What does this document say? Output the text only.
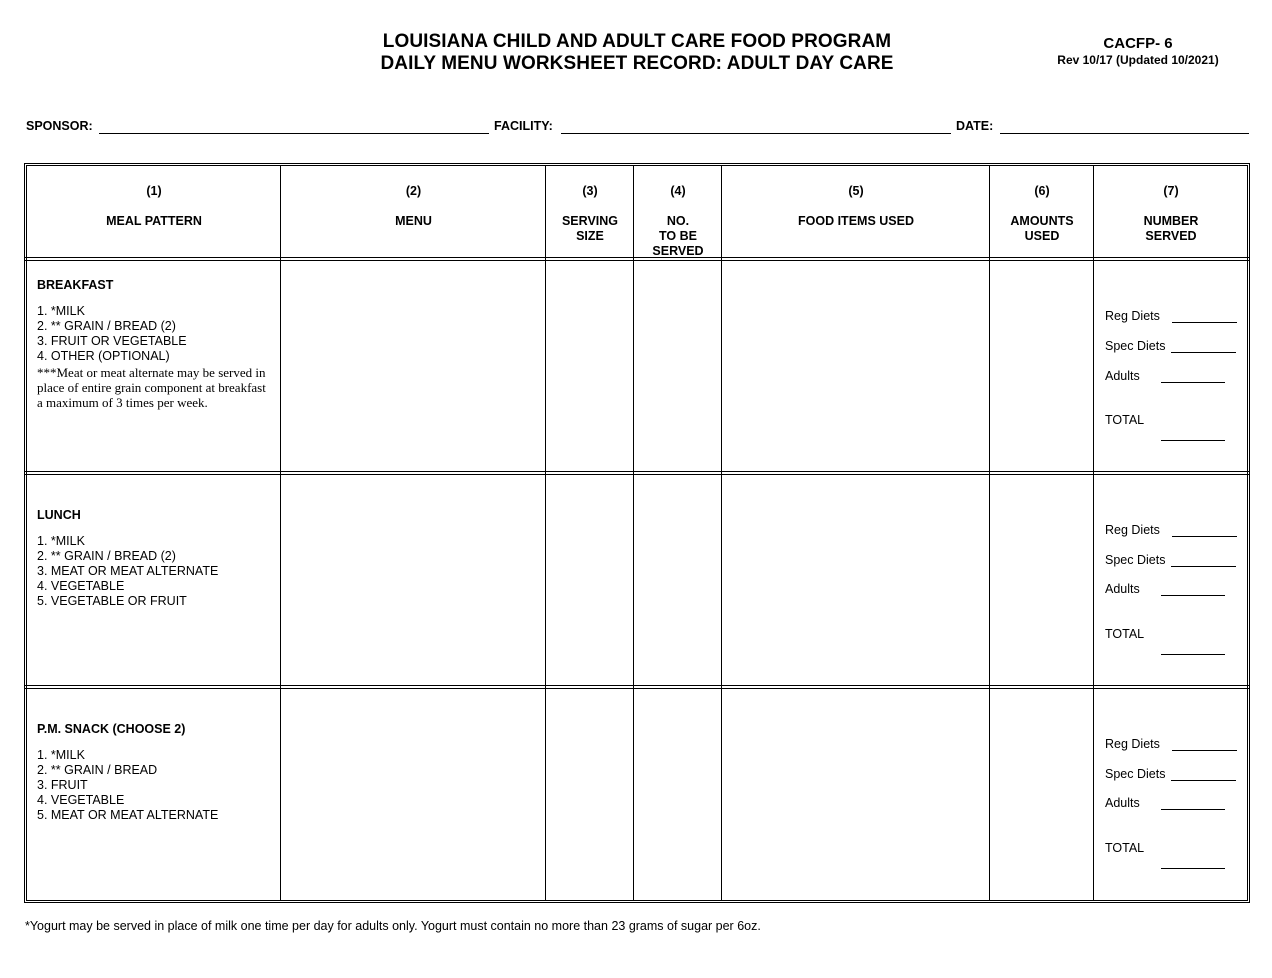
LOUISIANA CHILD AND ADULT CARE FOOD PROGRAM
DAILY MENU WORKSHEET RECORD: ADULT DAY CARE
CACFP- 6
Rev 10/17 (Updated 10/2021)
SPONSOR:	FACILITY:	DATE:
(1)
MEAL PATTERN
(2)
MENU
(3)
SERVING
SIZE
(4)
NO.
TO BE
SERVED
(5)
FOOD ITEMS USED
(6)
AMOUNTS
USED
(7)
NUMBER
SERVED
BREAKFAST
1. *MILK
2. ** GRAIN / BREAD (2)
3. FRUIT OR VEGETABLE
4. OTHER (OPTIONAL)
***Meat or meat alternate may be served in place of entire grain component at breakfast a maximum of 3 times per week.
LUNCH
1. *MILK
2. ** GRAIN / BREAD (2)
3. MEAT OR MEAT ALTERNATE
4. VEGETABLE
5. VEGETABLE OR FRUIT
P.M. SNACK (CHOOSE 2)
1. *MILK
2. ** GRAIN / BREAD
3. FRUIT
4. VEGETABLE
5. MEAT OR MEAT ALTERNATE
Reg Diets
Spec Diets
Adults
TOTAL
Reg Diets
Spec Diets
Adults
TOTAL
Reg Diets
Spec Diets
Adults
TOTAL
*Yogurt may be served in place of milk one time per day for adults only. Yogurt must contain no more than 23 grams of sugar per 6oz.
